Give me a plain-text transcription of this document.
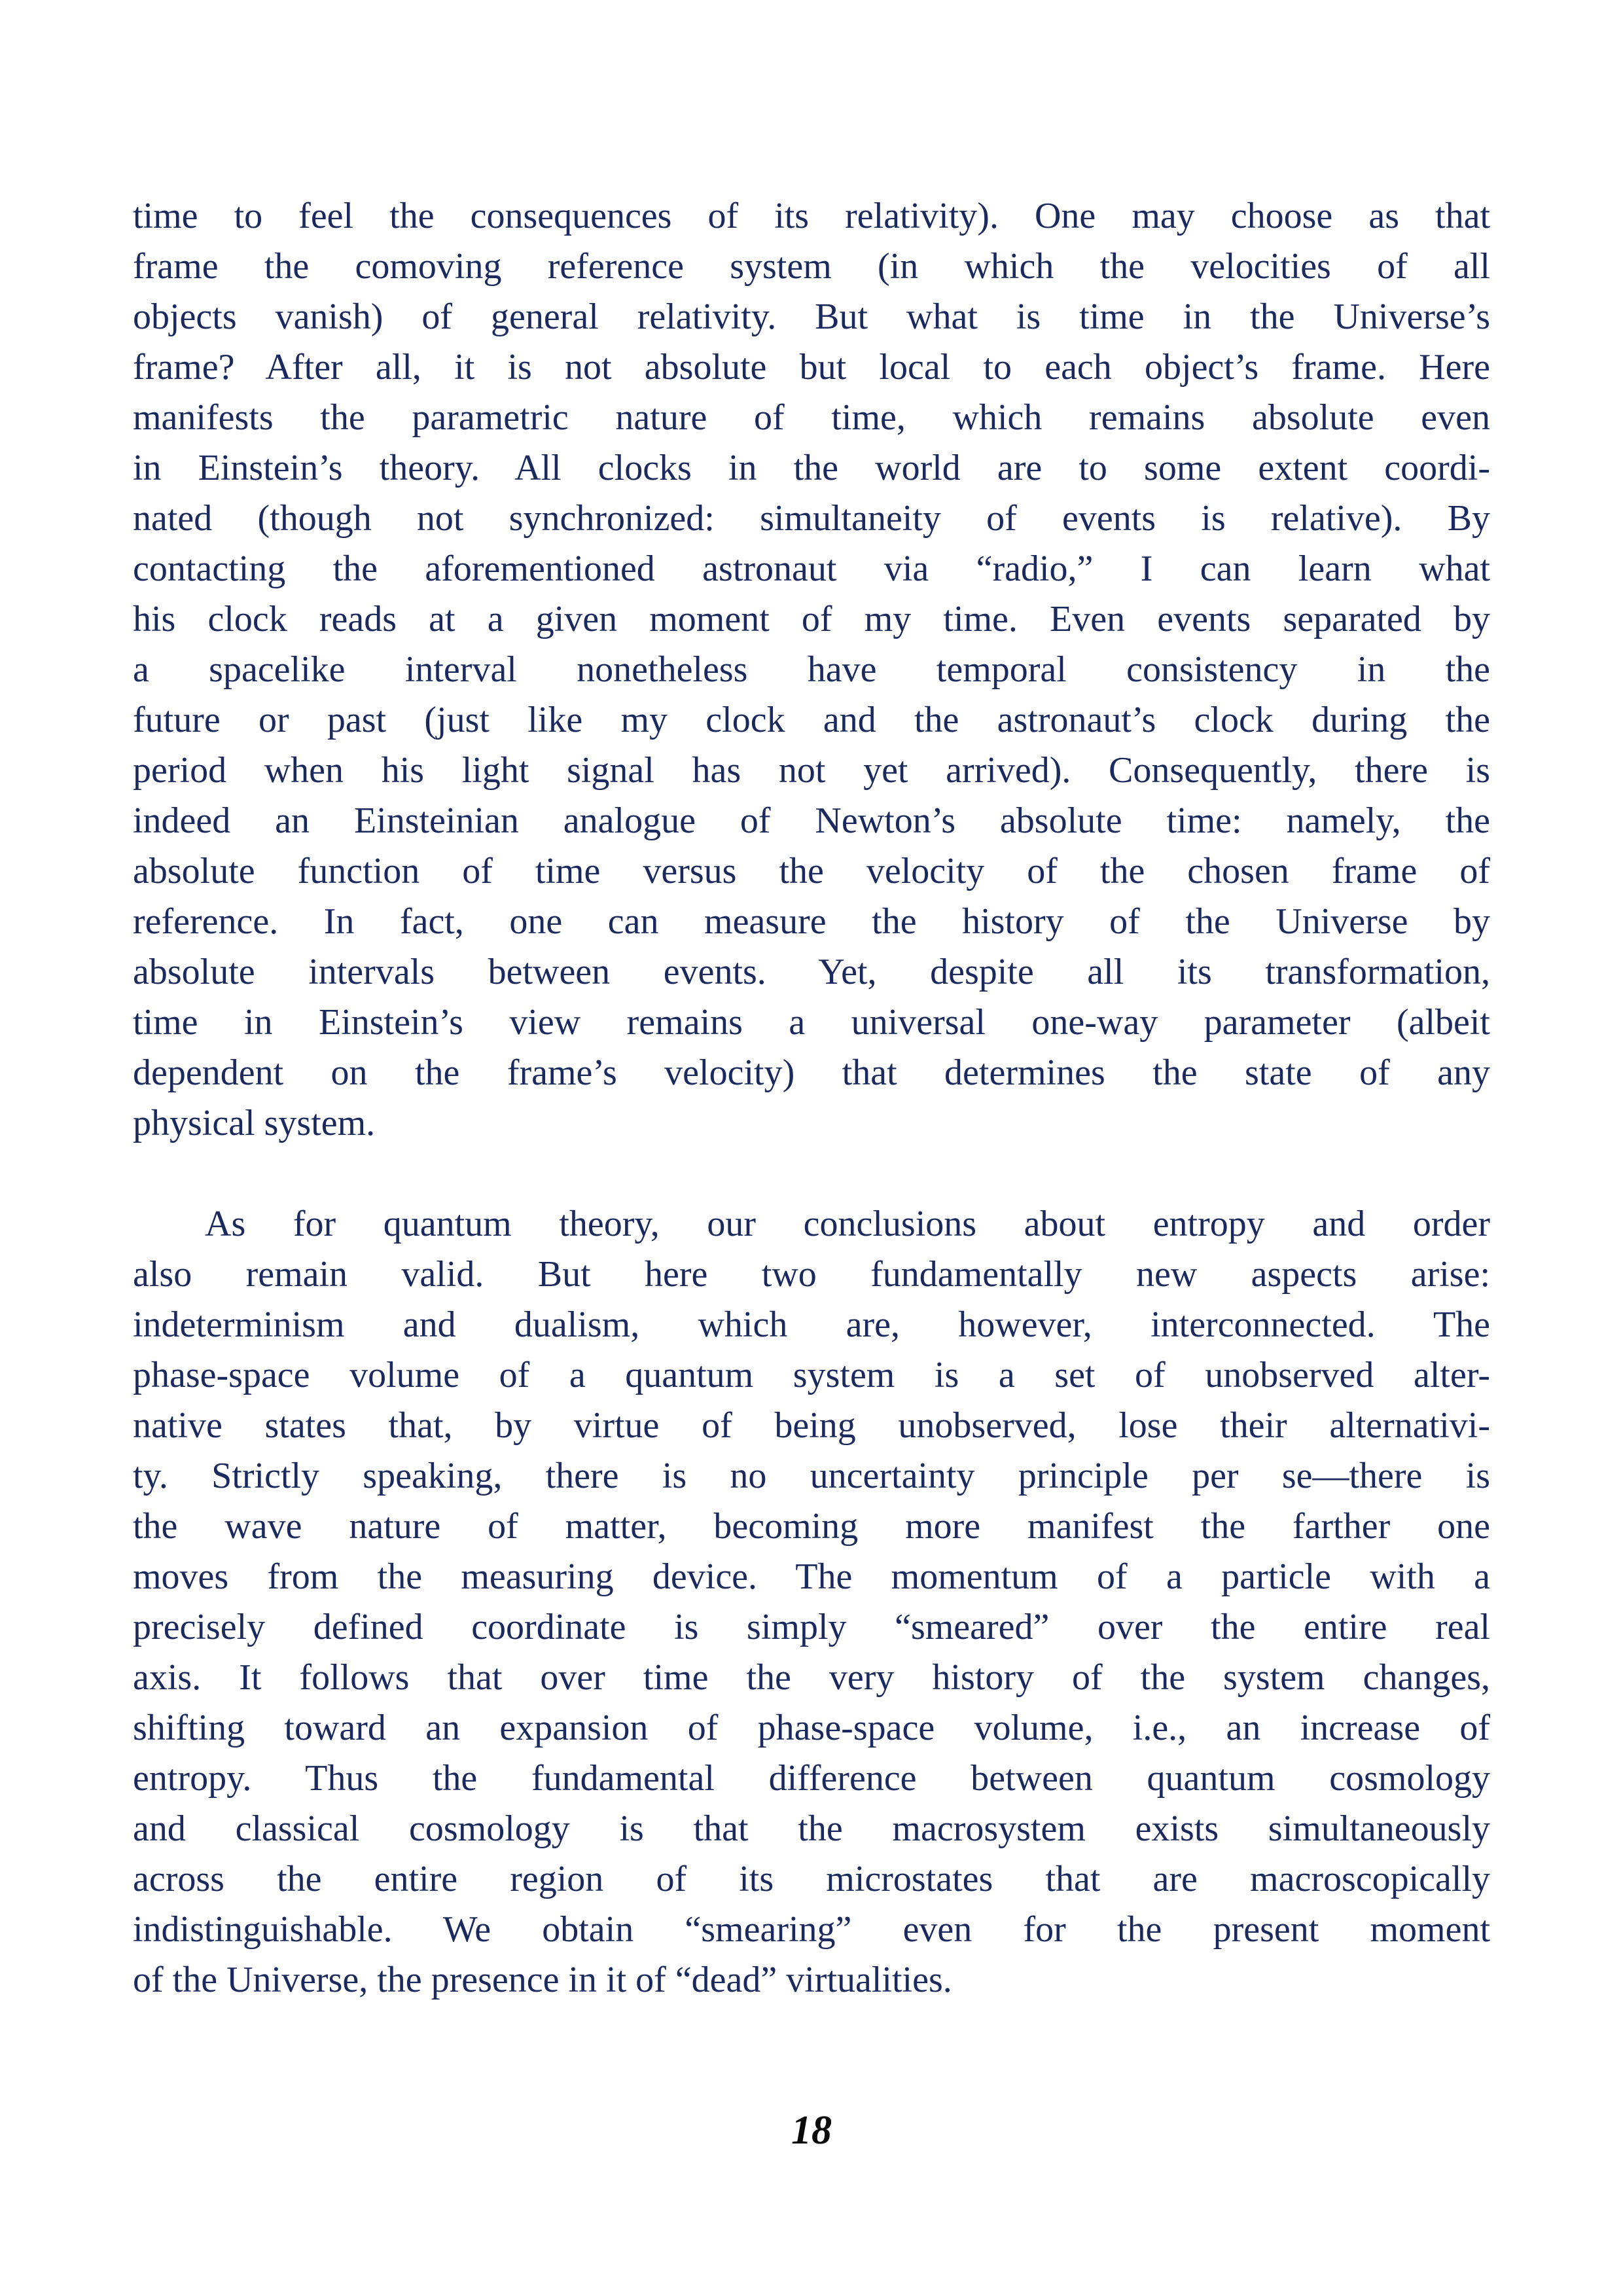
time to feel the consequences of its relativity). One may choose as that
frame the comoving reference system (in which the velocities of all
objects vanish) of general relativity. But what is time in the Universe’s
frame? After all, it is not absolute but local to each object’s frame. Here
manifests the parametric nature of time, which remains absolute even
in Einstein’s theory. All clocks in the world are to some extent coordi-
nated (though not synchronized: simultaneity of events is relative). By
contacting the aforementioned astronaut via “radio,” I can learn what
his clock reads at a given moment of my time. Even events separated by
a spacelike interval nonetheless have temporal consistency in the
future or past (just like my clock and the astronaut’s clock during the
period when his light signal has not yet arrived). Consequently, there is
indeed an Einsteinian analogue of Newton’s absolute time: namely, the
absolute function of time versus the velocity of the chosen frame of
reference. In fact, one can measure the history of the Universe by
absolute intervals between events. Yet, despite all its transformation,
time in Einstein’s view remains a universal one-way parameter (albeit
dependent on the frame’s velocity) that determines the state of any
physical system.
As for quantum theory, our conclusions about entropy and order
also remain valid. But here two fundamentally new aspects arise:
indeterminism and dualism, which are, however, interconnected. The
phase-space volume of a quantum system is a set of unobserved alter-
native states that, by virtue of being unobserved, lose their alternativi-
ty. Strictly speaking, there is no uncertainty principle per se—there is
the wave nature of matter, becoming more manifest the farther one
moves from the measuring device. The momentum of a particle with a
precisely defined coordinate is simply “smeared” over the entire real
axis. It follows that over time the very history of the system changes,
shifting toward an expansion of phase-space volume, i.e., an increase of
entropy. Thus the fundamental difference between quantum cosmology
and classical cosmology is that the macrosystem exists simultaneously
across the entire region of its microstates that are macroscopically
indistinguishable. We obtain “smearing” even for the present moment
of the Universe, the presence in it of “dead” virtualities.
18
